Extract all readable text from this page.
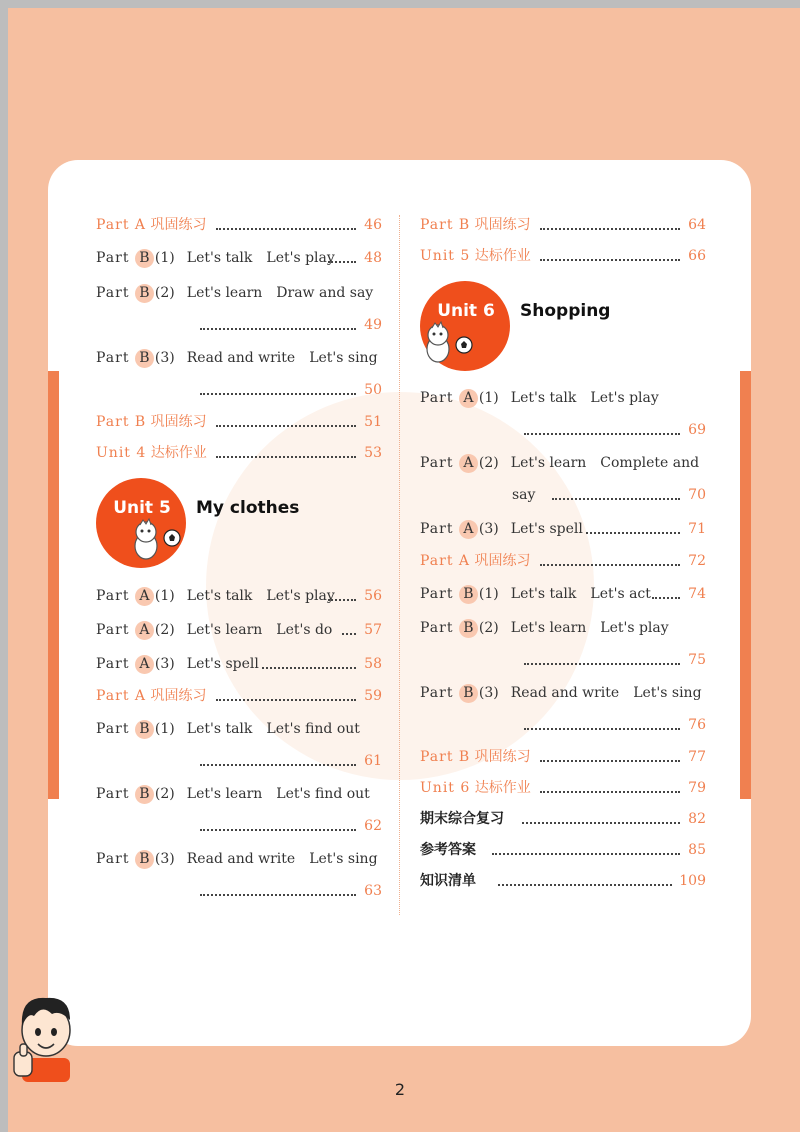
Part A 巩固练习	46
Part B (1) Let's talk Let's play 48
Part B (2) Let's learn Draw and say
49
Part B (3) Read and write Let's sing
50
Part B 巩固练习	51
Unit 4 达标作业	53
Unit 5	My clothes
Part A (1) Let's talk Let's play 56
Part A (2) Let's learn Let's do 57
Part A (3) Let's spell	58
Part A 巩固练习	59
Part B (1) Let's talk Let's find out
61
Part B (2) Let's learn Let's find out
62
Part B (3) Read and write Let's sing
63
Part B 巩固练习	64
Unit 5 达标作业	66
Unit 6	Shopping
Part A (1) Let's talk Let's play
69
Part A (2) Let's learn Complete and
say	70
Part A (3) Let's spell	71
Part A 巩固练习	72
Part B (1) Let's talk Let's act	74
Part B (2) Let's learn Let's play
75
Part B (3) Read and write Let's sing
76
Part B 巩固练习	77
Unit 6 达标作业	79
期末综合复习	82
参考答案	85
知识清单	109
2
